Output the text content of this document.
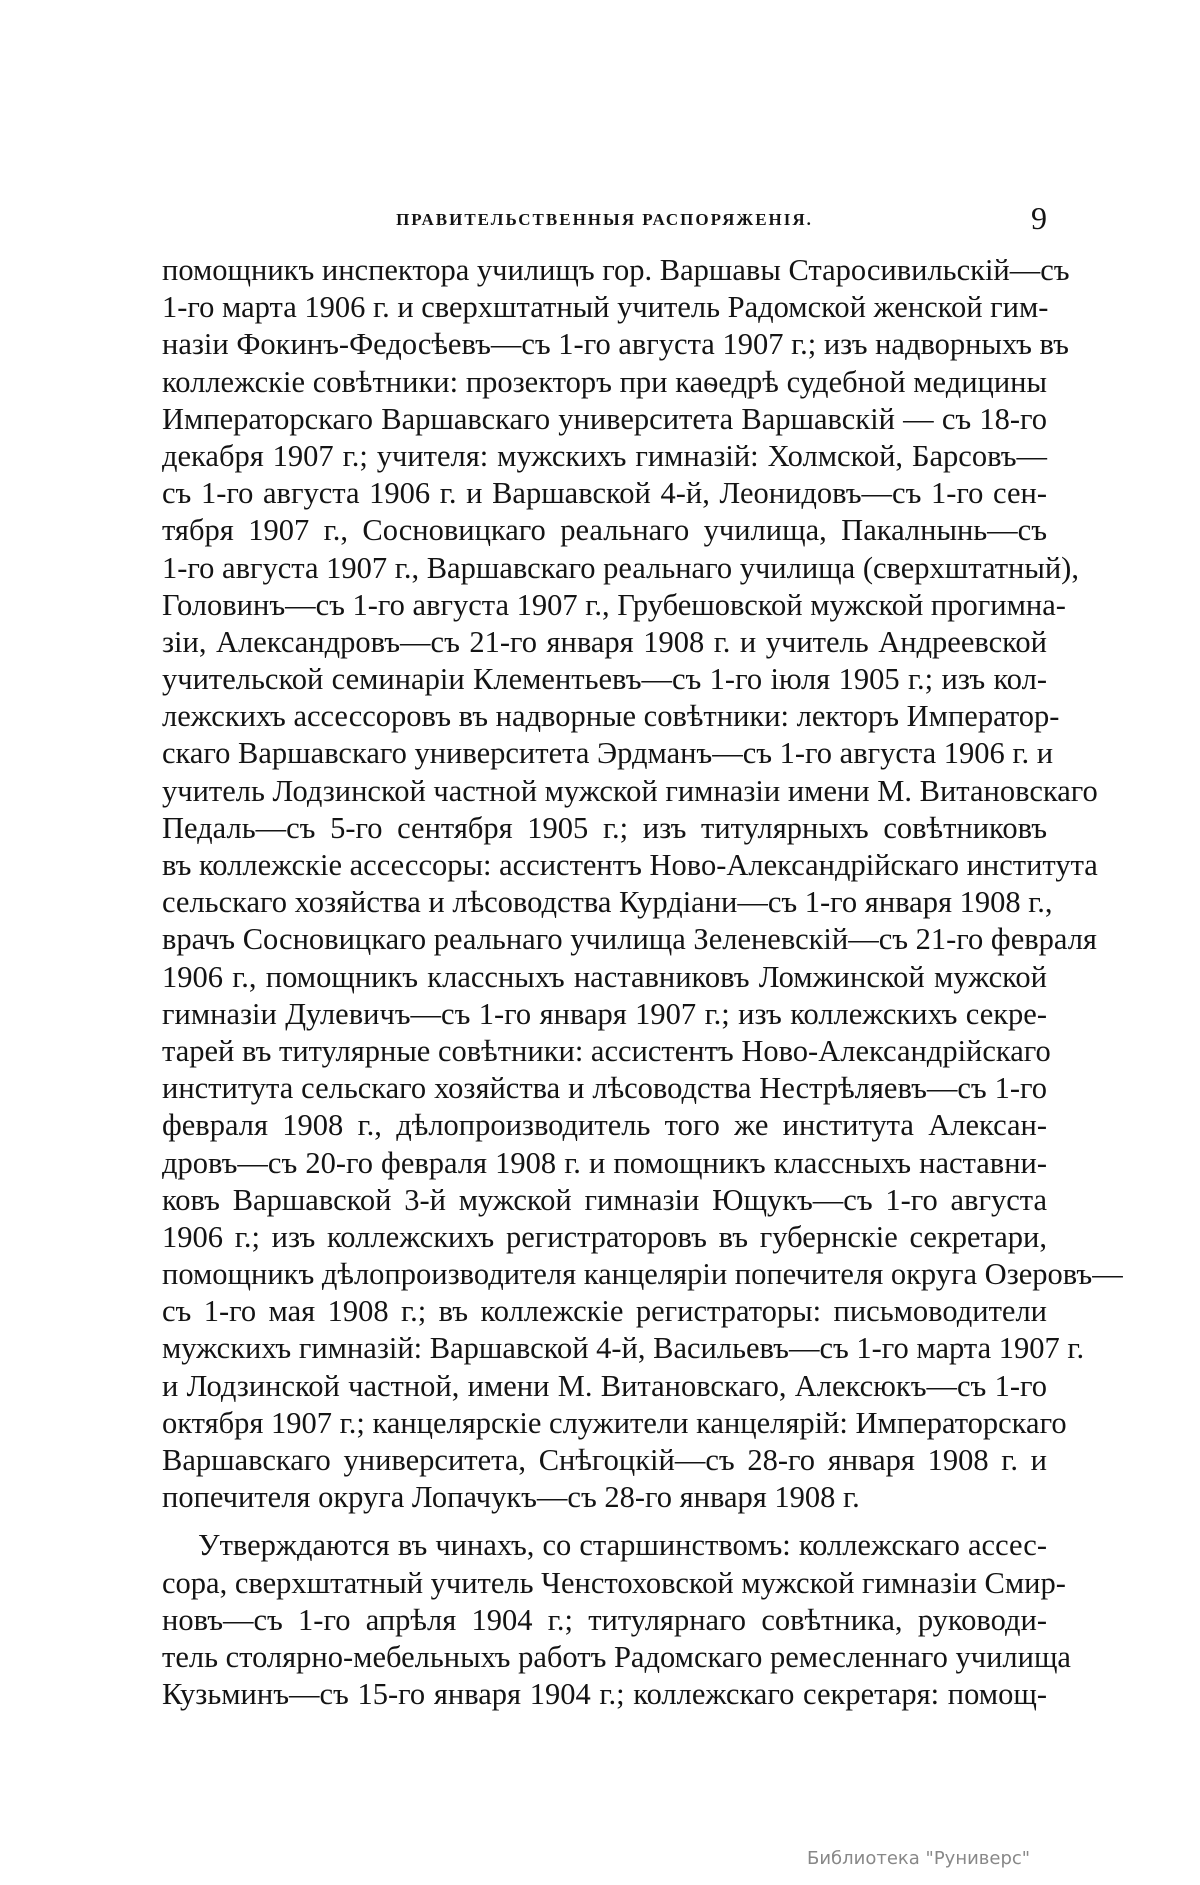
ПРАВИТЕЛЬСТВЕННЫЯ РАСПОРЯЖЕНІЯ.	9
помощникъ инспектора училищъ гор. Варшавы Старосивильскій—съ
1-го марта 1906 г. и сверхштатный учитель Радомской женской гим-
назіи Фокинъ-Федосѣевъ—съ 1-го августа 1907 г.; изъ надворныхъ въ
коллежскіе совѣтники: прозекторъ при каѳедрѣ судебной медицины
Императорскаго Варшавскаго университета Варшавскій — съ 18-го
декабря 1907 г.; учителя: мужскихъ гимназій: Холмской, Барсовъ—
съ 1-го августа 1906 г. и Варшавской 4-й, Леонидовъ—съ 1-го сен-
тября 1907 г., Сосновицкаго реальнаго училища, Пакалнынь—съ
1-го августа 1907 г., Варшавскаго реальнаго училища (сверхштатный),
Головинъ—съ 1-го августа 1907 г., Грубешовской мужской прогимна-
зіи, Александровъ—съ 21-го января 1908 г. и учитель Андреевской
учительской семинаріи Клементьевъ—съ 1-го іюля 1905 г.; изъ кол-
лежскихъ ассессоровъ въ надворные совѣтники: лекторъ Император-
скаго Варшавскаго университета Эрдманъ—съ 1-го августа 1906 г. и
учитель Лодзинской частной мужской гимназіи имени М. Витановскаго
Педаль—съ 5-го сентября 1905 г.; изъ титулярныхъ совѣтниковъ
въ коллежскіе ассессоры: ассистентъ Ново-Александрійскаго института
сельскаго хозяйства и лѣсоводства Курдіани—съ 1-го января 1908 г.,
врачъ Сосновицкаго реальнаго училища Зеленевскій—съ 21-го февраля
1906 г., помощникъ классныхъ наставниковъ Ломжинской мужской
гимназіи Дулевичъ—съ 1-го января 1907 г.; изъ коллежскихъ секре-
тарей въ титулярные совѣтники: ассистентъ Ново-Александрійскаго
института сельскаго хозяйства и лѣсоводства Нестрѣляевъ—съ 1-го
февраля 1908 г., дѣлопроизводитель того же института Алексан-
дровъ—съ 20-го февраля 1908 г. и помощникъ классныхъ наставни-
ковъ Варшавской 3-й мужской гимназіи Ющукъ—съ 1-го августа
1906 г.; изъ коллежскихъ регистраторовъ въ губернскіе секретари,
помощникъ дѣлопроизводителя канцеляріи попечителя округа Озеровъ—
съ 1-го мая 1908 г.; въ коллежскіе регистраторы: письмоводители
мужскихъ гимназій: Варшавской 4-й, Васильевъ—съ 1-го марта 1907 г.
и Лодзинской частной, имени М. Витановскаго, Алексюкъ—съ 1-го
октября 1907 г.; канцелярскіе служители канцелярій: Императорскаго
Варшавскаго университета, Снѣгоцкій—съ 28-го января 1908 г. и
попечителя округа Лопачукъ—съ 28-го января 1908 г.
Утверждаются въ чинахъ, со старшинствомъ: коллежскаго ассес-
сора, сверхштатный учитель Ченстоховской мужской гимназіи Смир-
новъ—съ 1-го апрѣля 1904 г.; титулярнаго совѣтника, руководи-
тель столярно-мебельныхъ работъ Радомскаго ремесленнаго училища
Кузьминъ—съ 15-го января 1904 г.; коллежскаго секретаря: помощ-
Библиотека "Руниверс"
